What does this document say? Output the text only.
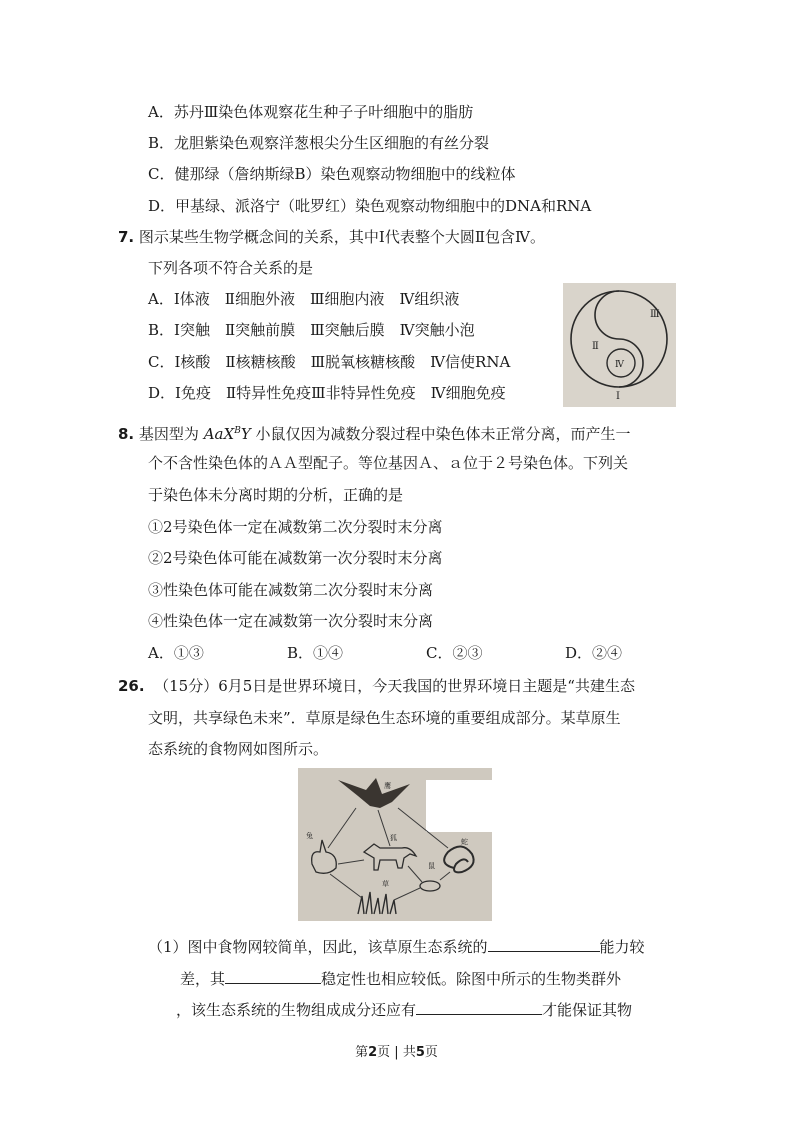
A．苏丹Ⅲ染色体观察花生种子子叶细胞中的脂肪
B．龙胆紫染色观察洋葱根尖分生区细胞的有丝分裂
C．健那绿（詹纳斯绿B）染色观察动物细胞中的线粒体
D．甲基绿、派洛宁（吡罗红）染色观察动物细胞中的DNA和RNA
7. 图示某些生物学概念间的关系，其中Ⅰ代表整个大圆Ⅱ包含Ⅳ。
下列各项不符合关系的是
A．Ⅰ体液　Ⅱ细胞外液　Ⅲ细胞内液　Ⅳ组织液
B．Ⅰ突触　Ⅱ突触前膜　Ⅲ突触后膜　Ⅳ突触小泡
C．Ⅰ核酸　Ⅱ核糖核酸　Ⅲ脱氧核糖核酸　Ⅳ信使RNA
D．Ⅰ免疫　Ⅱ特异性免疫Ⅲ非特异性免疫　Ⅳ细胞免疫
Ⅲ
Ⅱ
Ⅳ
Ⅰ
8. 基因型为 AaX$^B$Y 小鼠仅因为减数分裂过程中染色体未正常分离，而产生一
个不含性染色体的ＡＡ型配子。等位基因Ａ、ａ位于２号染色体。下列关
于染色体未分离时期的分析，正确的是
①2号染色体一定在减数第二次分裂时末分离
②2号染色体可能在减数第一次分裂时末分离
③性染色体可能在减数第二次分裂时末分离
④性染色体一定在减数第一次分裂时末分离
A．①③	B．①④	C．②③	D．②④
26. （15分）6月5日是世界环境日，今天我国的世界环境日主题是“共建生态
文明，共享绿色未来”．草原是绿色生态环境的重要组成部分。某草原生
态系统的食物网如图所示。
鹰
兔	狐	蛇
鼠
草
（1）图中食物网较简单，因此，该草原生态系统的	能力较
差，其	稳定性也相应较低。除图中所示的生物类群外
，该生态系统的生物组成成分还应有	才能保证其物
第2页 | 共5页
